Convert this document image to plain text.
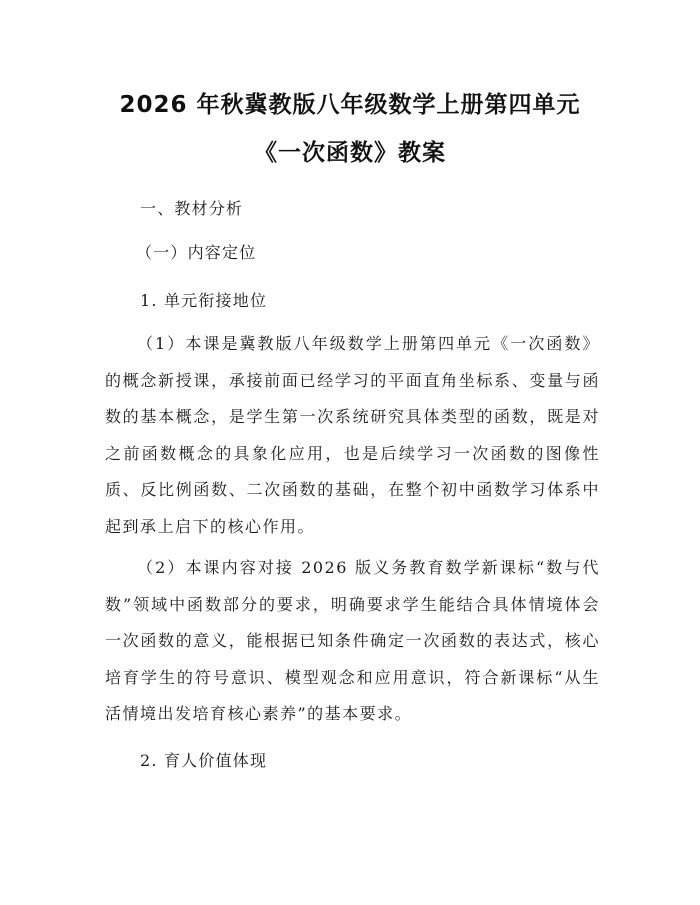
2026 年秋冀教版八年级数学上册第四单元
《一次函数》教案
一、教材分析
（一）内容定位
1. 单元衔接地位
（1）本课是冀教版八年级数学上册第四单元《一次函数》的概念新授课，承接前面已经学习的平面直角坐标系、变量与函数的基本概念，是学生第一次系统研究具体类型的函数，既是对之前函数概念的具象化应用，也是后续学习一次函数的图像性质、反比例函数、二次函数的基础，在整个初中函数学习体系中起到承上启下的核心作用。
（2）本课内容对接 2026 版义务教育数学新课标“数与代数”领域中函数部分的要求，明确要求学生能结合具体情境体会一次函数的意义，能根据已知条件确定一次函数的表达式，核心培育学生的符号意识、模型观念和应用意识，符合新课标“从生活情境出发培育核心素养”的基本要求。
2. 育人价值体现
